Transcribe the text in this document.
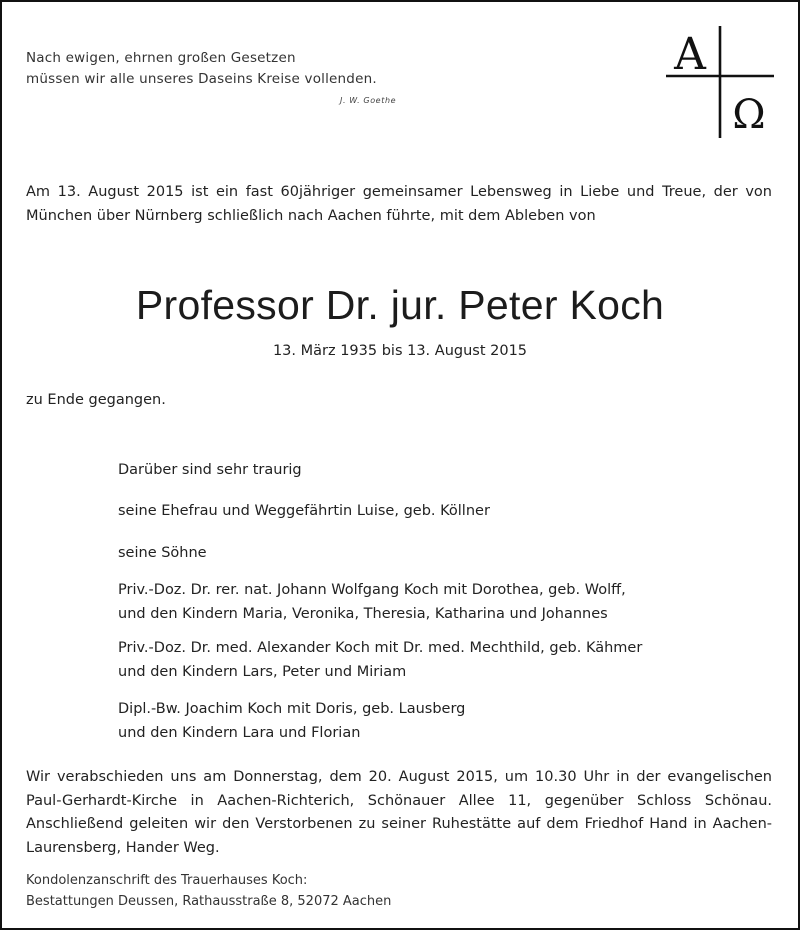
Nach ewigen, ehrnen großen Gesetzen
müssen wir alle unseres Daseins Kreise vollenden.
J. W. Goethe
A
Ω
Am 13. August 2015 ist ein fast 60jähriger gemeinsamer Lebensweg in Liebe und Treue, der von München über Nürnberg schließlich nach Aachen führte, mit dem Ableben von
Professor Dr. jur. Peter Koch
13. März 1935 bis 13. August 2015
zu Ende gegangen.
Darüber sind sehr traurig
seine Ehefrau und Weggefährtin Luise, geb. Köllner
seine Söhne
Priv.-Doz. Dr. rer. nat. Johann Wolfgang Koch mit Dorothea, geb. Wolff,
und den Kindern Maria, Veronika, Theresia, Katharina und Johannes
Priv.-Doz. Dr. med. Alexander Koch mit Dr. med. Mechthild, geb. Kähmer
und den Kindern Lars, Peter und Miriam
Dipl.-Bw. Joachim Koch mit Doris, geb. Lausberg
und den Kindern Lara und Florian
Wir verabschieden uns am Donnerstag, dem 20. August 2015, um 10.30 Uhr in der evangelischen Paul-Gerhardt-Kirche in Aachen-Richterich, Schönauer Allee 11, gegenüber Schloss Schönau. Anschließend geleiten wir den Verstorbenen zu seiner Ruhestätte auf dem Friedhof Hand in Aachen-Laurensberg, Hander Weg.
Kondolenzanschrift des Trauerhauses Koch:
Bestattungen Deussen, Rathausstraße 8, 52072 Aachen
